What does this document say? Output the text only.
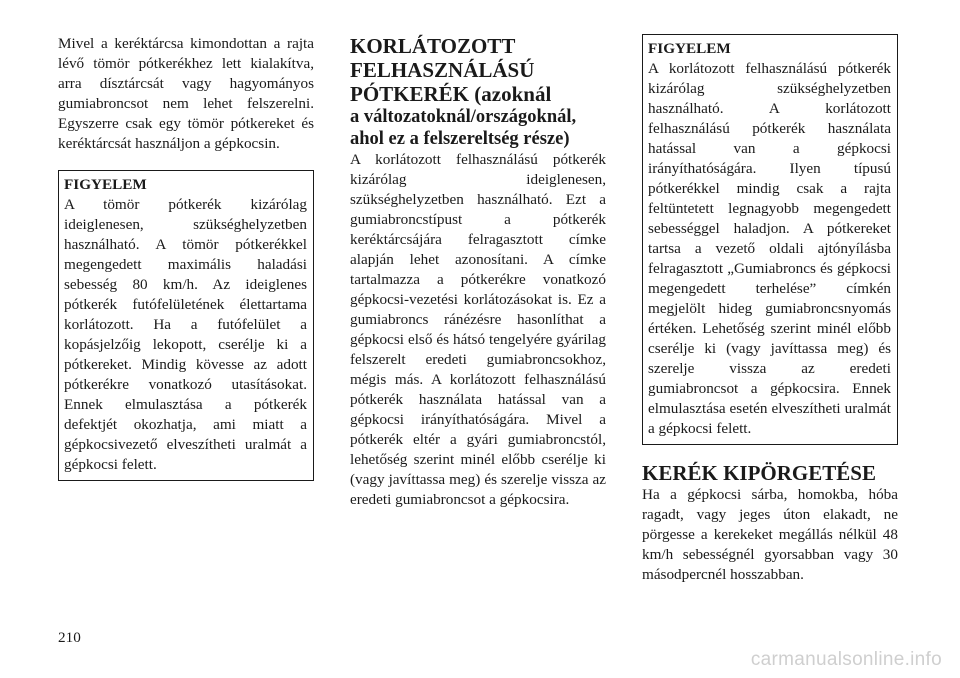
Mivel a keréktárcsa kimondottan a rajta lévő tömör pótkerékhez lett kialakítva, arra dísztárcsát vagy hagyományos gumiabroncsot nem lehet felszerelni. Egyszerre csak egy tömör pótkereket és keréktárcsát használjon a gépkocsin.

FIGYELEM

A tömör pótkerék kizárólag ideiglenesen, szükséghelyzetben használható. A tömör pótkerékkel megengedett maximális haladási sebesség 80 km/h. Az ideiglenes pótkerék futófelületének élettartama korlátozott. Ha a futófelület a kopásjelzőig lekopott, cserélje ki a pótkereket. Mindig kövesse az adott pótkerékre vonatkozó utasításokat. Ennek elmulasztása a pótkerék defektjét okozhatja, ami miatt a gépkocsivezető elveszítheti uralmát a gépkocsi felett.

KORLÁTOZOTT FELHASZNÁLÁSÚ PÓTKERÉK (azoknál
a változatoknál/országoknál, ahol ez a felszereltség része)

A korlátozott felhasználású pótkerék kizárólag ideiglenesen, szükséghelyzetben használható. Ezt a gumiabroncstípust a pótkerék keréktárcsájára felragasztott címke alapján lehet azonosítani. A címke tartalmazza a pótkerékre vonatkozó gépkocsi-vezetési korlátozásokat is. Ez a gumiabroncs ránézésre hasonlíthat a gépkocsi első és hátsó tengelyére gyárilag felszerelt eredeti gumiabroncsokhoz, mégis más. A korlátozott felhasználású pótkerék használata hatással van a gépkocsi irányíthatóságára. Mivel a pótkerék eltér a gyári gumiabroncstól, lehetőség szerint minél előbb cserélje ki (vagy javíttassa meg) és szerelje vissza az eredeti gumiabroncsot a gépkocsira.

FIGYELEM

A korlátozott felhasználású pótkerék kizárólag szükséghelyzetben használható. A korlátozott felhasználású pótkerék használata hatással van a gépkocsi irányíthatóságára. Ilyen típusú pótkerékkel mindig csak a rajta feltüntetett legnagyobb megengedett sebességgel haladjon. A pótkereket tartsa a vezető oldali ajtónyílásba felragasztott „Gumiabroncs és gépkocsi megengedett terhelése” címkén megjelölt hideg gumiabroncsnyomás értéken. Lehetőség szerint minél előbb cserélje ki (vagy javíttassa meg) és szerelje vissza az eredeti gumiabroncsot a gépkocsira. Ennek elmulasztása esetén elveszítheti uralmát a gépkocsi felett.

KERÉK KIPÖRGETÉSE

Ha a gépkocsi sárba, homokba, hóba ragadt, vagy jeges úton elakadt, ne pörgesse a kerekeket megállás nélkül 48 km/h sebességnél gyorsabban vagy 30 másodpercnél hosszabban.

210
carmanualsonline.info
